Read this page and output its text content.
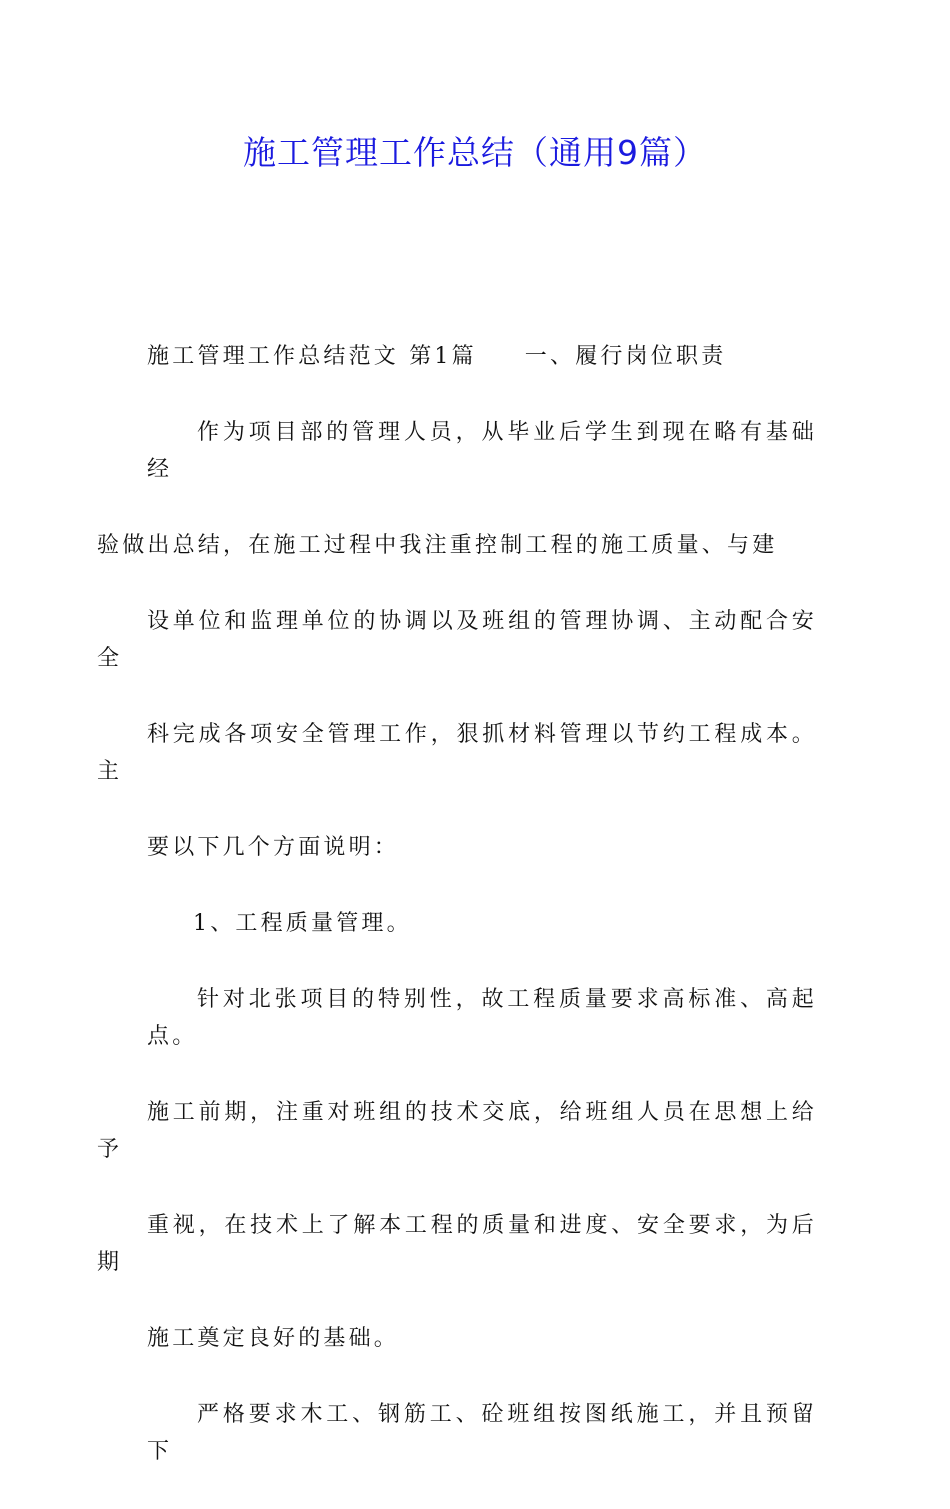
施工管理工作总结（通用9篇）

施工管理工作总结范文 第1篇 一、履行岗位职责

作为项目部的管理人员，从毕业后学生到现在略有基础经
验做出总结，在施工过程中我注重控制工程的施工质量、与建
设单位和监理单位的协调以及班组的管理协调、主动配合安全
科完成各项安全管理工作，狠抓材料管理以节约工程成本。主
要以下几个方面说明：

1、工程质量管理。

针对北张项目的特别性，故工程质量要求高标准、高起点。
施工前期，注重对班组的技术交底，给班组人员在思想上给予
重视，在技术上了解本工程的质量和进度、安全要求，为后期
施工奠定良好的基础。

严格要求木工、钢筋工、砼班组按图纸施工，并且预留下
